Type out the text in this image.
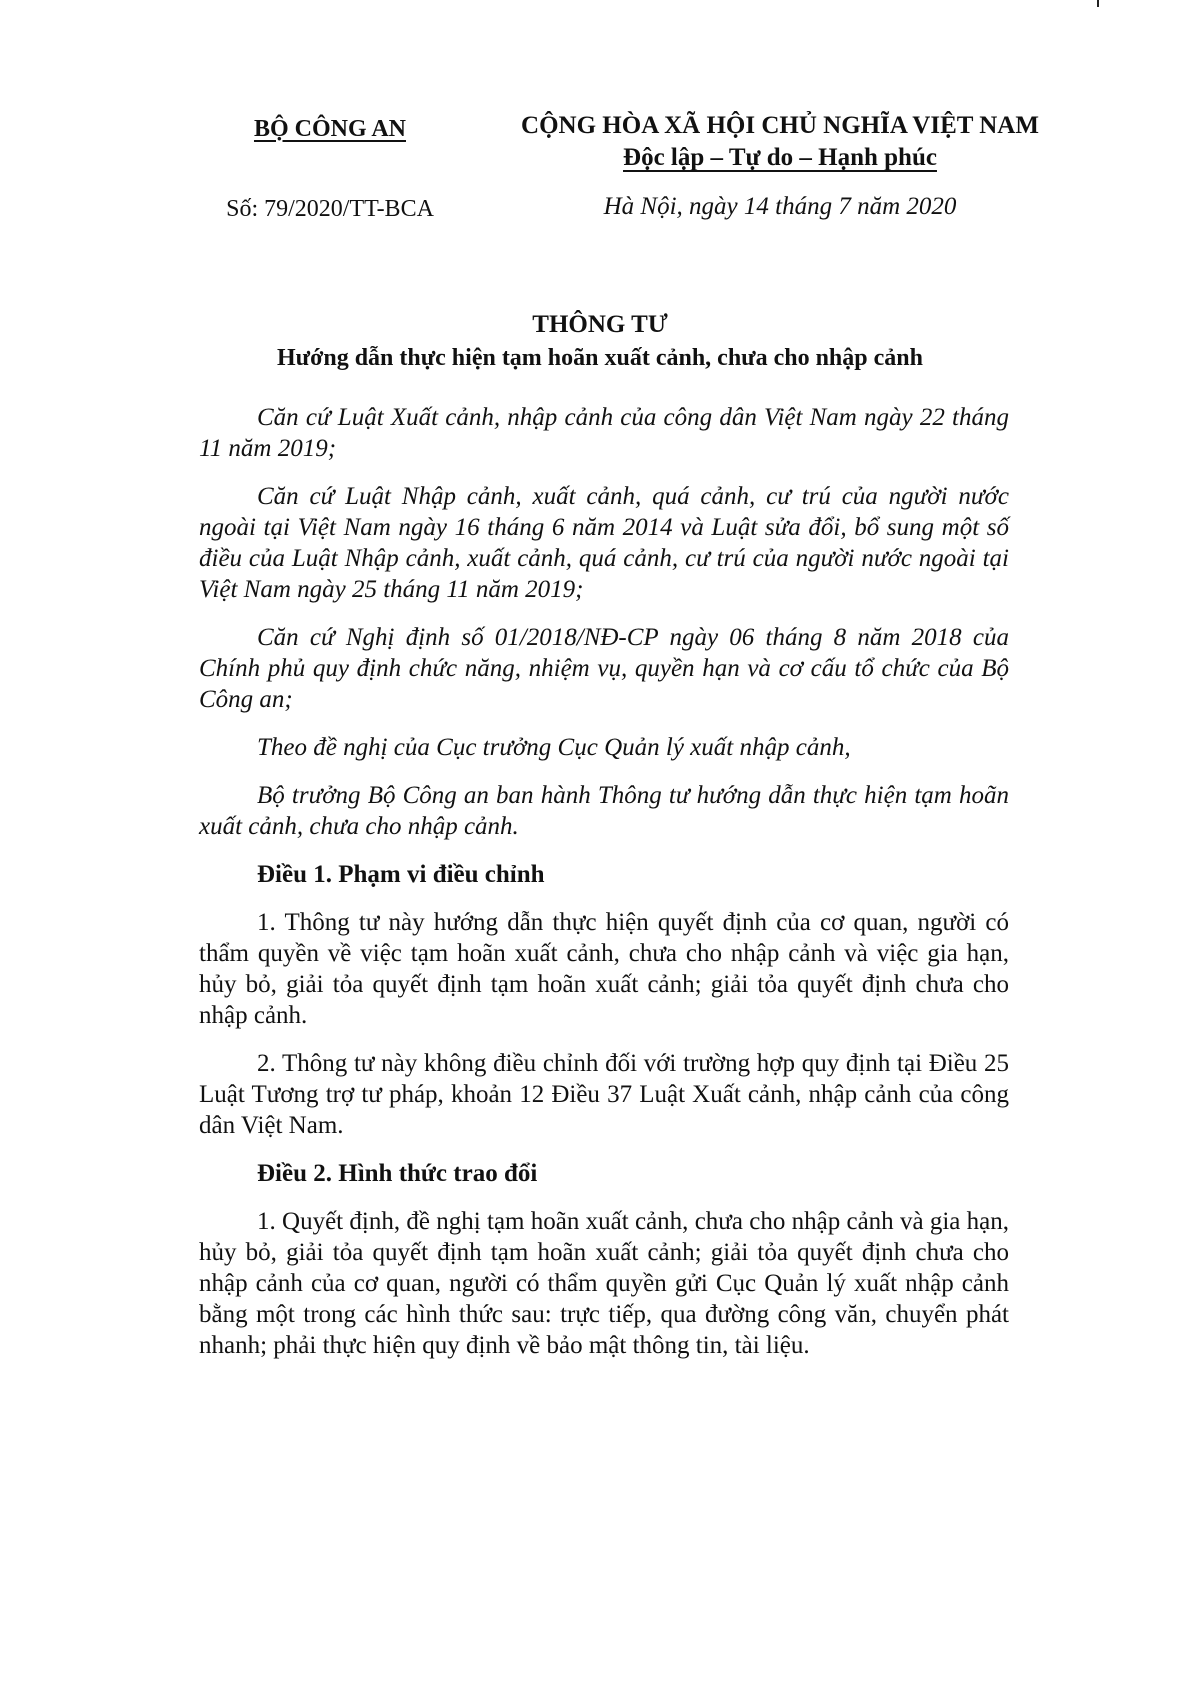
BỘ CÔNG AN
Số: 79/2020/TT-BCA
CỘNG HÒA XÃ HỘI CHỦ NGHĨA VIỆT NAM
Độc lập – Tự do – Hạnh phúc
Hà Nội, ngày 14 tháng 7 năm 2020
THÔNG TƯ
Hướng dẫn thực hiện tạm hoãn xuất cảnh, chưa cho nhập cảnh

Căn cứ Luật Xuất cảnh, nhập cảnh của công dân Việt Nam ngày 22 tháng 11 năm 2019;

Căn cứ Luật Nhập cảnh, xuất cảnh, quá cảnh, cư trú của người nước ngoài tại Việt Nam ngày 16 tháng 6 năm 2014 và Luật sửa đổi, bổ sung một số điều của Luật Nhập cảnh, xuất cảnh, quá cảnh, cư trú của người nước ngoài tại Việt Nam ngày 25 tháng 11 năm 2019;

Căn cứ Nghị định số 01/2018/NĐ-CP ngày 06 tháng 8 năm 2018 của Chính phủ quy định chức năng, nhiệm vụ, quyền hạn và cơ cấu tổ chức của Bộ Công an;

Theo đề nghị của Cục trưởng Cục Quản lý xuất nhập cảnh,

Bộ trưởng Bộ Công an ban hành Thông tư hướng dẫn thực hiện tạm hoãn xuất cảnh, chưa cho nhập cảnh.

Điều 1. Phạm vi điều chỉnh

1. Thông tư này hướng dẫn thực hiện quyết định của cơ quan, người có thẩm quyền về việc tạm hoãn xuất cảnh, chưa cho nhập cảnh và việc gia hạn, hủy bỏ, giải tỏa quyết định tạm hoãn xuất cảnh; giải tỏa quyết định chưa cho nhập cảnh.

2. Thông tư này không điều chỉnh đối với trường hợp quy định tại Điều 25 Luật Tương trợ tư pháp, khoản 12 Điều 37 Luật Xuất cảnh, nhập cảnh của công dân Việt Nam.

Điều 2. Hình thức trao đổi

1. Quyết định, đề nghị tạm hoãn xuất cảnh, chưa cho nhập cảnh và gia hạn, hủy bỏ, giải tỏa quyết định tạm hoãn xuất cảnh; giải tỏa quyết định chưa cho nhập cảnh của cơ quan, người có thẩm quyền gửi Cục Quản lý xuất nhập cảnh bằng một trong các hình thức sau: trực tiếp, qua đường công văn, chuyển phát nhanh; phải thực hiện quy định về bảo mật thông tin, tài liệu.
